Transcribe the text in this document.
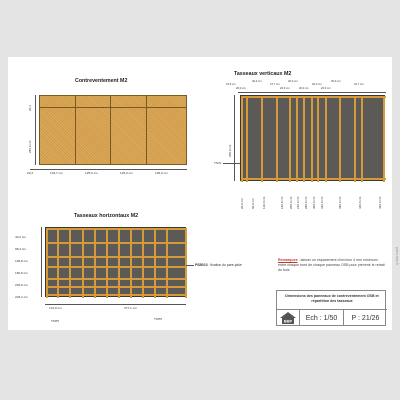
Contreventement M2
20,3
250,0 cm
20,3	104,7 cm	125,0 cm	125,0 cm	125,0 cm
Tasseaux verticaux M2
15,6 cm
20,0 cm
40,0 cm
27,7 cm
20,0 cm
20,0 cm
40,0 cm
20,0 cm
20,0 cm
20,0 cm
42,7 cm
250,0 cm
TSV1
20,0 cm 60,0 cm 120,0 cm	180,0 cm 200,0 cm 240,0 cm 280,0 cm 300,0 cm 320,0 cm	380,0 cm	440,0 cm	460,0 cm
Tasseaux horizontaux M2
40,2 cm
98,4 cm
148,8 cm
150,8 cm
200,8 cm
203,2 cm
PSB013 : fixation du pare-pluie
131,8 cm	377,1 cm
TSH5	TSH5
plans-bbp.fr
Remarques : laisser un espacement d'environ 4 mm minimum entre chaque bord de chaque panneau OSB pour prévenir le retrait du bois
Dimensions des panneaux de contreventement OSB et répartition des tasseaux
BBP	Ech : 1/50	P : 21/26
